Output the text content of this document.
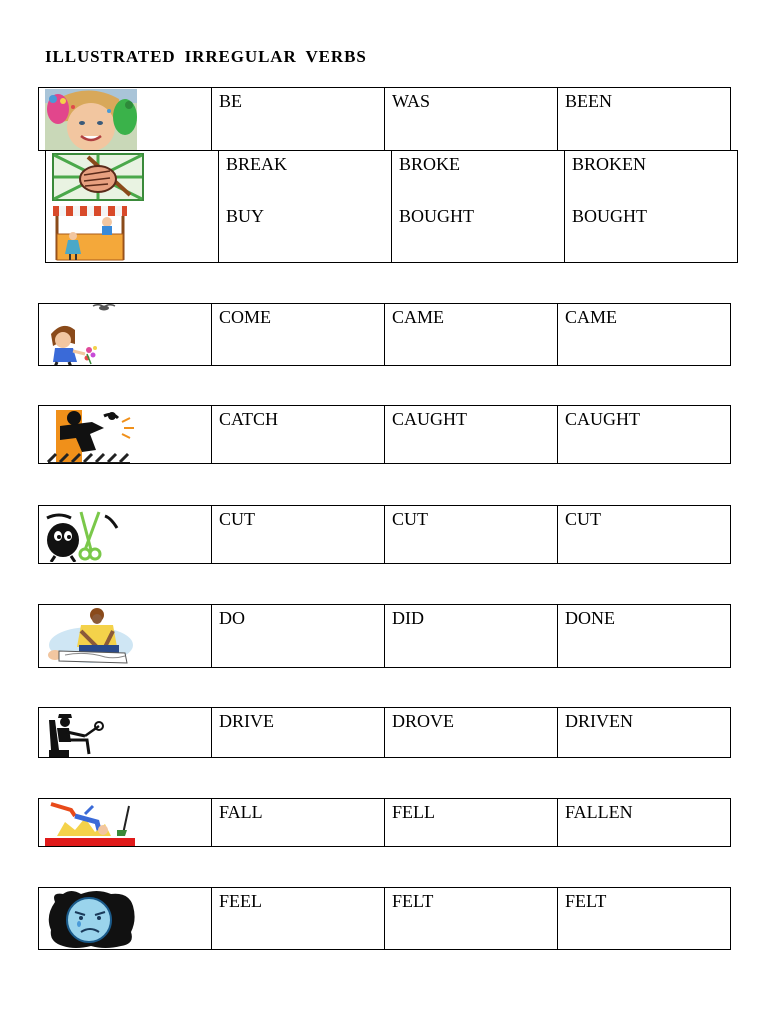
ILLUSTRATED IRREGULAR VERBS
BE	WAS	BEEN
BREAK	BROKE	BROKEN
BUY	BOUGHT	BOUGHT
COME	CAME	CAME
CATCH	CAUGHT	CAUGHT
CUT	CUT	CUT
DO	DID	DONE
DRIVE	DROVE	DRIVEN
FALL	FELL	FALLEN
FEEL	FELT	FELT
